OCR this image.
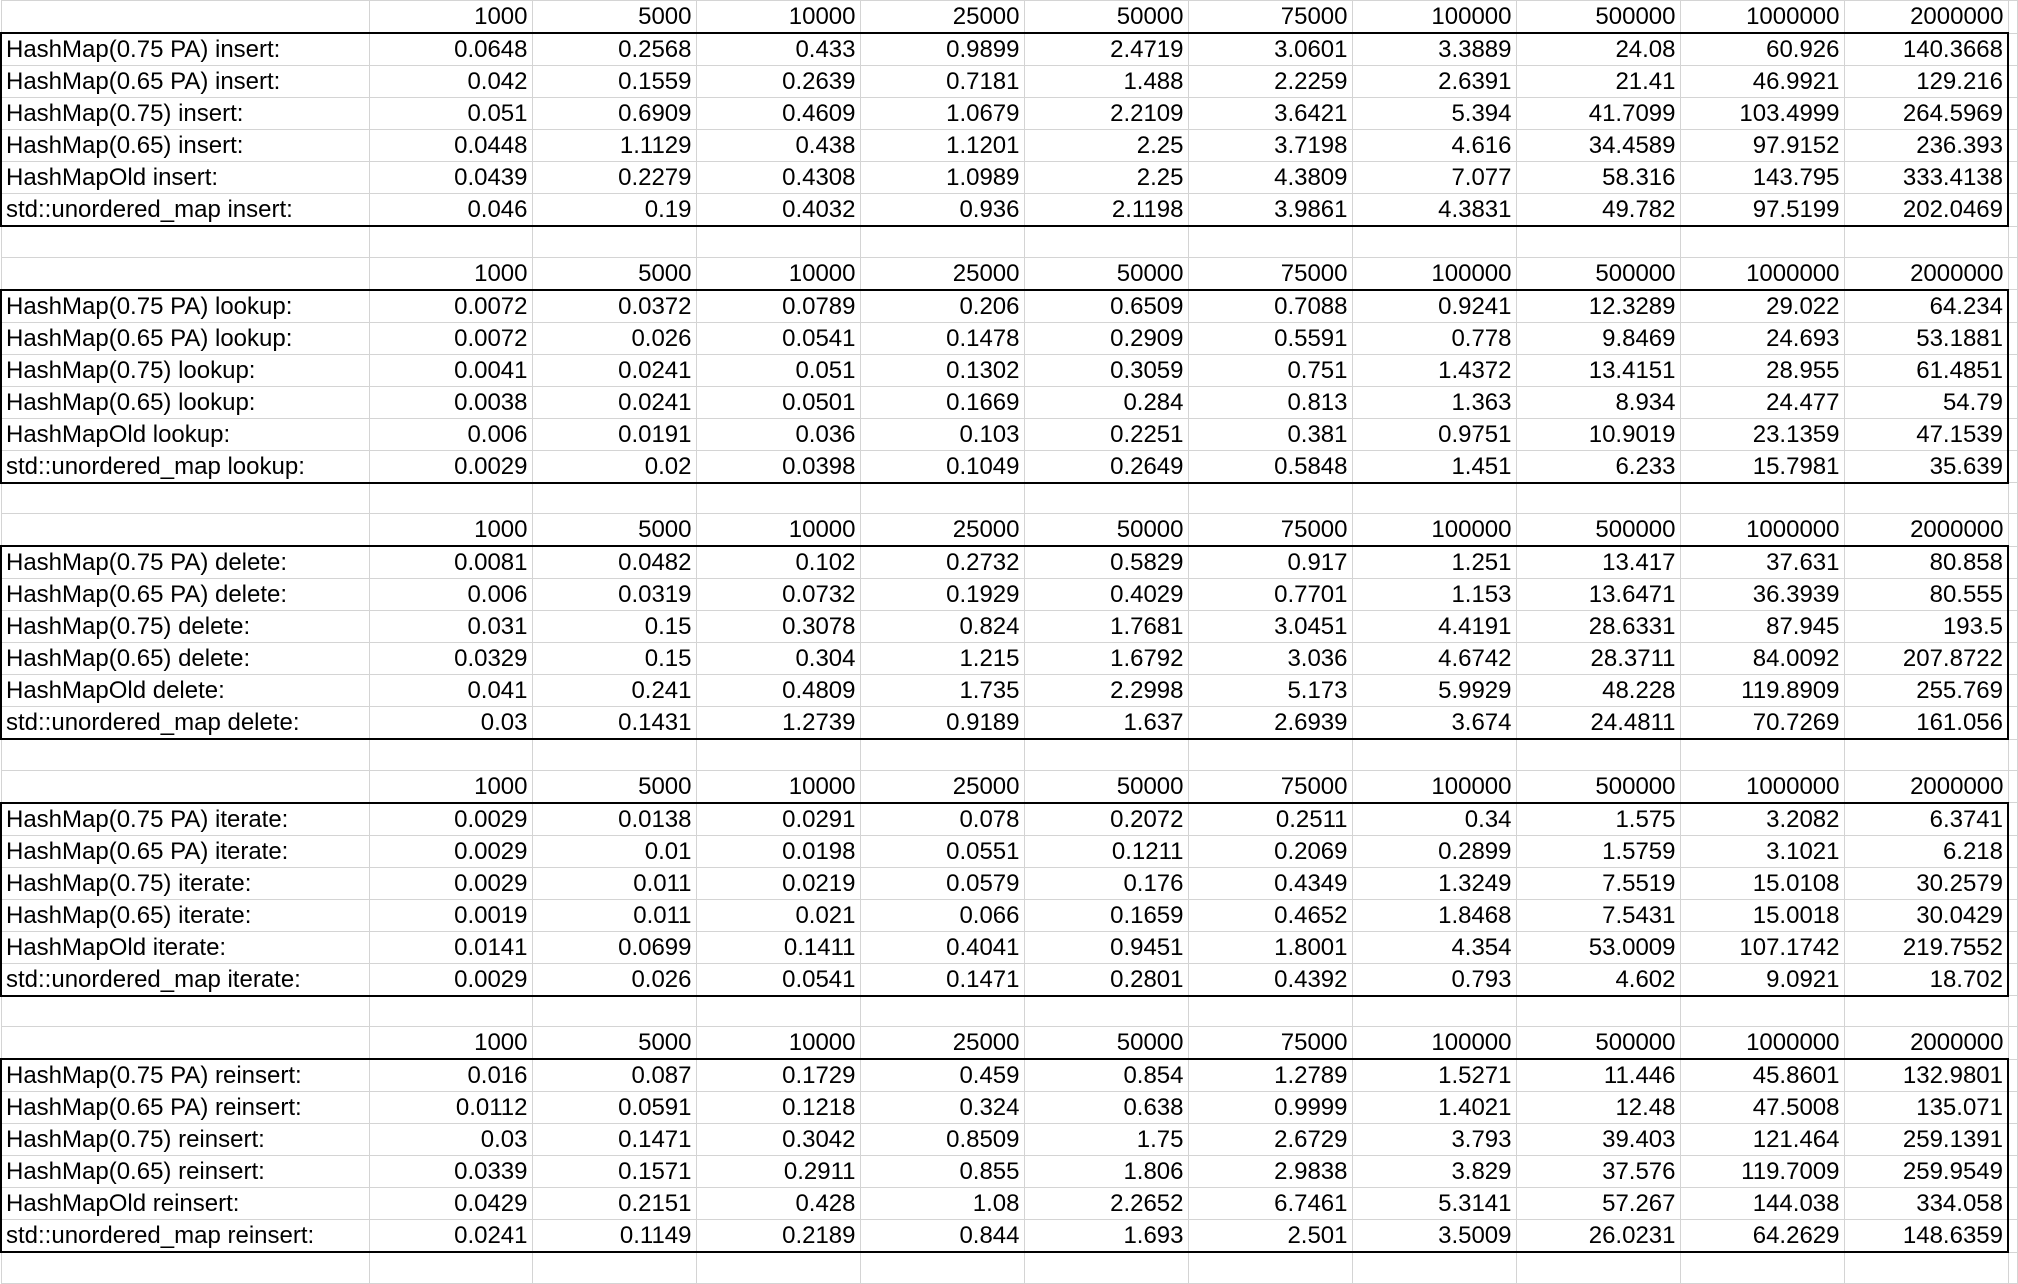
	1000	5000	10000	25000	50000	75000	100000	500000	1000000	2000000	
HashMap(0.75 PA) insert:	0.0648	0.2568	0.433	0.9899	2.4719	3.0601	3.3889	24.08	60.926	140.3668	
HashMap(0.65 PA) insert:	0.042	0.1559	0.2639	0.7181	1.488	2.2259	2.6391	21.41	46.9921	129.216	
HashMap(0.75) insert:	0.051	0.6909	0.4609	1.0679	2.2109	3.6421	5.394	41.7099	103.4999	264.5969	
HashMap(0.65) insert:	0.0448	1.1129	0.438	1.1201	2.25	3.7198	4.616	34.4589	97.9152	236.393	
HashMapOld insert:	0.0439	0.2279	0.4308	1.0989	2.25	4.3809	7.077	58.316	143.795	333.4138	
std::unordered_map insert:	0.046	0.19	0.4032	0.936	2.1198	3.9861	4.3831	49.782	97.5199	202.0469	

	1000	5000	10000	25000	50000	75000	100000	500000	1000000	2000000	
HashMap(0.75 PA) lookup:	0.0072	0.0372	0.0789	0.206	0.6509	0.7088	0.9241	12.3289	29.022	64.234	
HashMap(0.65 PA) lookup:	0.0072	0.026	0.0541	0.1478	0.2909	0.5591	0.778	9.8469	24.693	53.1881	
HashMap(0.75) lookup:	0.0041	0.0241	0.051	0.1302	0.3059	0.751	1.4372	13.4151	28.955	61.4851	
HashMap(0.65) lookup:	0.0038	0.0241	0.0501	0.1669	0.284	0.813	1.363	8.934	24.477	54.79	
HashMapOld lookup:	0.006	0.0191	0.036	0.103	0.2251	0.381	0.9751	10.9019	23.1359	47.1539	
std::unordered_map lookup:	0.0029	0.02	0.0398	0.1049	0.2649	0.5848	1.451	6.233	15.7981	35.639	

	1000	5000	10000	25000	50000	75000	100000	500000	1000000	2000000	
HashMap(0.75 PA) delete:	0.0081	0.0482	0.102	0.2732	0.5829	0.917	1.251	13.417	37.631	80.858	
HashMap(0.65 PA) delete:	0.006	0.0319	0.0732	0.1929	0.4029	0.7701	1.153	13.6471	36.3939	80.555	
HashMap(0.75) delete:	0.031	0.15	0.3078	0.824	1.7681	3.0451	4.4191	28.6331	87.945	193.5	
HashMap(0.65) delete:	0.0329	0.15	0.304	1.215	1.6792	3.036	4.6742	28.3711	84.0092	207.8722	
HashMapOld delete:	0.041	0.241	0.4809	1.735	2.2998	5.173	5.9929	48.228	119.8909	255.769	
std::unordered_map delete:	0.03	0.1431	1.2739	0.9189	1.637	2.6939	3.674	24.4811	70.7269	161.056	

	1000	5000	10000	25000	50000	75000	100000	500000	1000000	2000000	
HashMap(0.75 PA) iterate:	0.0029	0.0138	0.0291	0.078	0.2072	0.2511	0.34	1.575	3.2082	6.3741	
HashMap(0.65 PA) iterate:	0.0029	0.01	0.0198	0.0551	0.1211	0.2069	0.2899	1.5759	3.1021	6.218	
HashMap(0.75) iterate:	0.0029	0.011	0.0219	0.0579	0.176	0.4349	1.3249	7.5519	15.0108	30.2579	
HashMap(0.65) iterate:	0.0019	0.011	0.021	0.066	0.1659	0.4652	1.8468	7.5431	15.0018	30.0429	
HashMapOld iterate:	0.0141	0.0699	0.1411	0.4041	0.9451	1.8001	4.354	53.0009	107.1742	219.7552	
std::unordered_map iterate:	0.0029	0.026	0.0541	0.1471	0.2801	0.4392	0.793	4.602	9.0921	18.702	

	1000	5000	10000	25000	50000	75000	100000	500000	1000000	2000000	
HashMap(0.75 PA) reinsert:	0.016	0.087	0.1729	0.459	0.854	1.2789	1.5271	11.446	45.8601	132.9801	
HashMap(0.65 PA) reinsert:	0.0112	0.0591	0.1218	0.324	0.638	0.9999	1.4021	12.48	47.5008	135.071	
HashMap(0.75) reinsert:	0.03	0.1471	0.3042	0.8509	1.75	2.6729	3.793	39.403	121.464	259.1391	
HashMap(0.65) reinsert:	0.0339	0.1571	0.2911	0.855	1.806	2.9838	3.829	37.576	119.7009	259.9549	
HashMapOld reinsert:	0.0429	0.2151	0.428	1.08	2.2652	6.7461	5.3141	57.267	144.038	334.058	
std::unordered_map reinsert:	0.0241	0.1149	0.2189	0.844	1.693	2.501	3.5009	26.0231	64.2629	148.6359	
